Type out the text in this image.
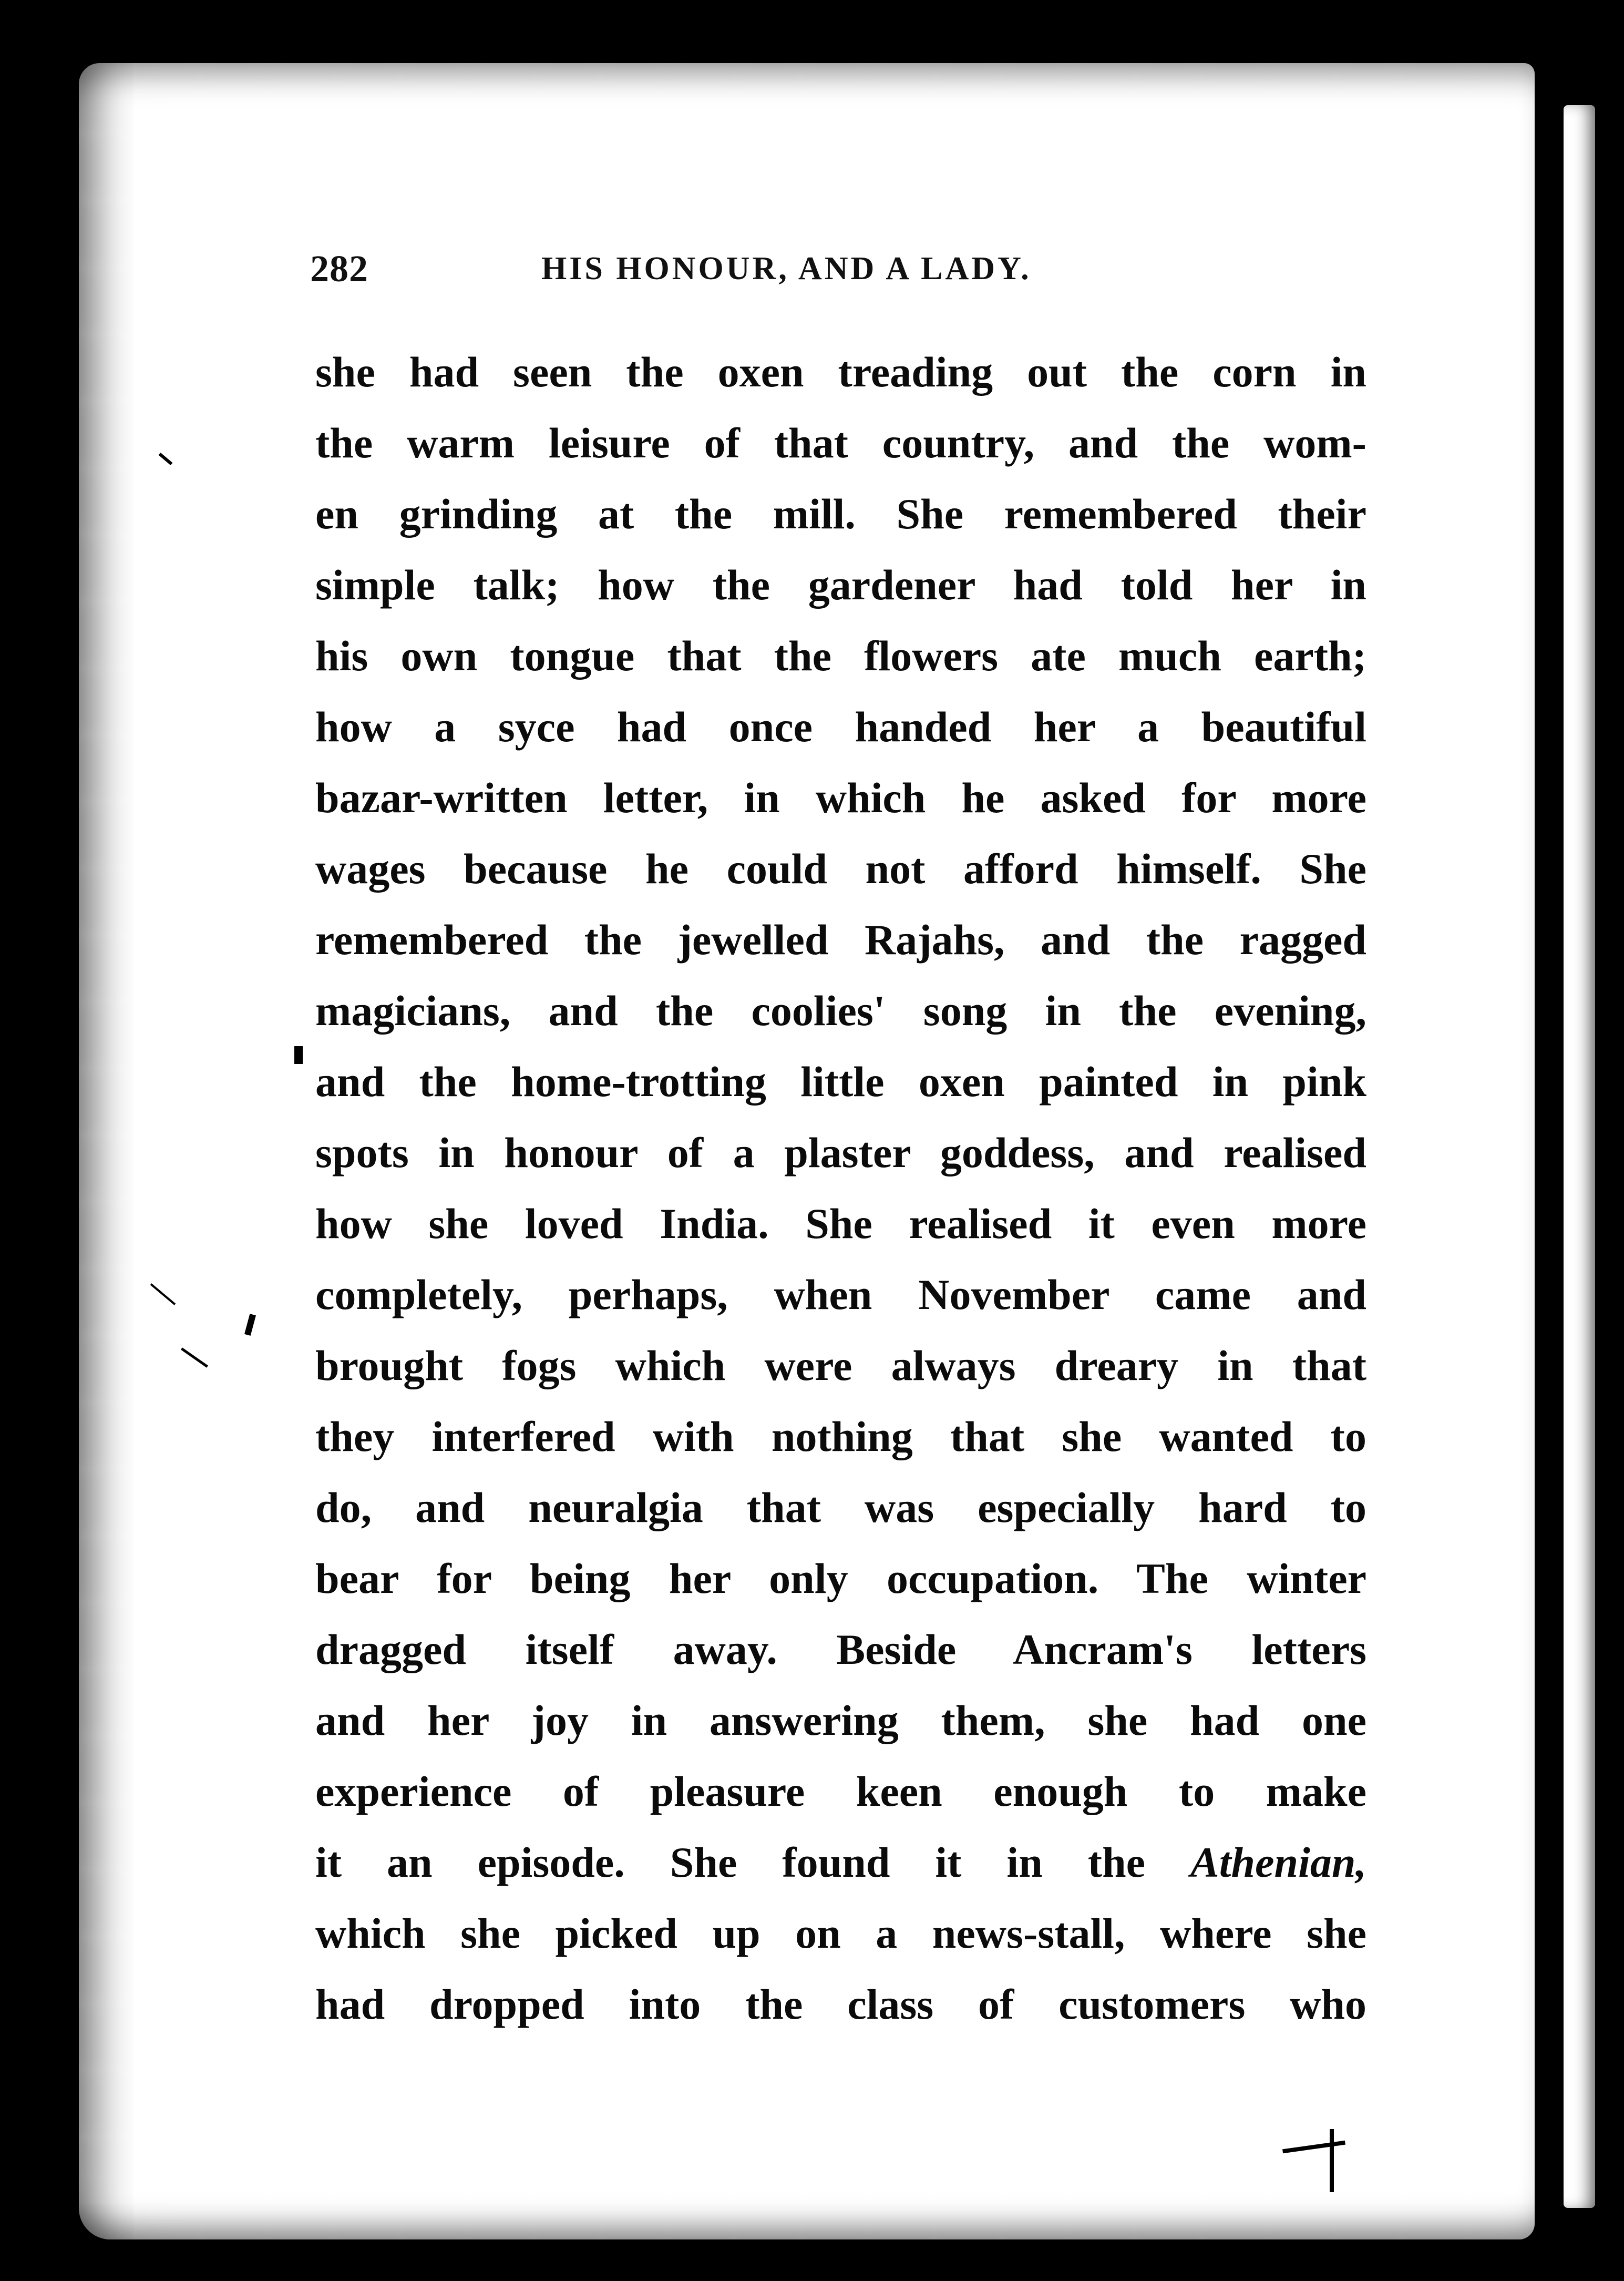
282	HIS HONOUR, AND A LADY.
she had seen the oxen treading out the corn in
the warm leisure of that country, and the wom-
en grinding at the mill. She remembered their
simple talk; how the gardener had told her in
his own tongue that the flowers ate much earth;
how a syce had once handed her a beautiful
bazar-written letter, in which he asked for more
wages because he could not afford himself. She
remembered the jewelled Rajahs, and the ragged
magicians, and the coolies' song in the evening,
and the home-trotting little oxen painted in pink
spots in honour of a plaster goddess, and realised
how she loved India. She realised it even more
completely, perhaps, when November came and
brought fogs which were always dreary in that
they interfered with nothing that she wanted to
do, and neuralgia that was especially hard to
bear for being her only occupation. The winter
dragged itself away. Beside Ancram's letters
and her joy in answering them, she had one
experience of pleasure keen enough to make
it an episode. She found it in the Athenian,
which she picked up on a news-stall, where she
had dropped into the class of customers who
